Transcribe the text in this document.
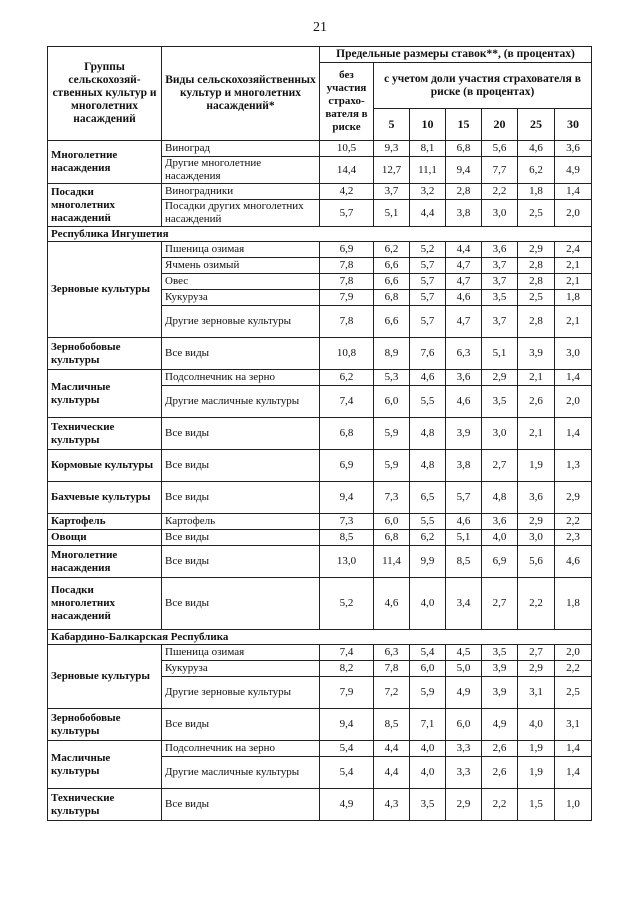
21
Группы сельскохозяй-ственных культур и многолетних насаждений	Виды сельскохозяйственных культур и многолетних насаждений*	Предельные размеры ставок**, (в процентах)						
		без участия страхо-вателя в риске	с учетом доли участия страхователя в риске (в процентах)					
			5	10	15	20	25	30
Многолетние насаждения	Виноград	10,5	9,3	8,1	6,8	5,6	4,6	3,6
	Другие многолетние насаждения	14,4	12,7	11,1	9,4	7,7	6,2	4,9
Посадки многолетних насаждений	Виноградники	4,2	3,7	3,2	2,8	2,2	1,8	1,4
	Посадки других многолетних насаждений	5,7	5,1	4,4	3,8	3,0	2,5	2,0
Республика Ингушетия								
Зерновые культуры	Пшеница озимая	6,9	6,2	5,2	4,4	3,6	2,9	2,4
	Ячмень озимый	7,8	6,6	5,7	4,7	3,7	2,8	2,1
	Овес	7,8	6,6	5,7	4,7	3,7	2,8	2,1
	Кукуруза	7,9	6,8	5,7	4,6	3,5	2,5	1,8
	Другие зерновые культуры	7,8	6,6	5,7	4,7	3,7	2,8	2,1
Зернобобовые культуры	Все виды	10,8	8,9	7,6	6,3	5,1	3,9	3,0
Масличные культуры	Подсолнечник на зерно	6,2	5,3	4,6	3,6	2,9	2,1	1,4
	Другие масличные культуры	7,4	6,0	5,5	4,6	3,5	2,6	2,0
Технические культуры	Все виды	6,8	5,9	4,8	3,9	3,0	2,1	1,4
Кормовые культуры	Все виды	6,9	5,9	4,8	3,8	2,7	1,9	1,3
Бахчевые культуры	Все виды	9,4	7,3	6,5	5,7	4,8	3,6	2,9
Картофель	Картофель	7,3	6,0	5,5	4,6	3,6	2,9	2,2
Овощи	Все виды	8,5	6,8	6,2	5,1	4,0	3,0	2,3
Многолетние насаждения	Все виды	13,0	11,4	9,9	8,5	6,9	5,6	4,6
Посадки многолетних насаждений	Все виды	5,2	4,6	4,0	3,4	2,7	2,2	1,8
Кабардино-Балкарская Республика								
Зерновые культуры	Пшеница озимая	7,4	6,3	5,4	4,5	3,5	2,7	2,0
	Кукуруза	8,2	7,8	6,0	5,0	3,9	2,9	2,2
	Другие зерновые культуры	7,9	7,2	5,9	4,9	3,9	3,1	2,5
Зернобобовые культуры	Все виды	9,4	8,5	7,1	6,0	4,9	4,0	3,1
Масличные культуры	Подсолнечник на зерно	5,4	4,4	4,0	3,3	2,6	1,9	1,4
	Другие масличные культуры	5,4	4,4	4,0	3,3	2,6	1,9	1,4
Технические культуры	Все виды	4,9	4,3	3,5	2,9	2,2	1,5	1,0
